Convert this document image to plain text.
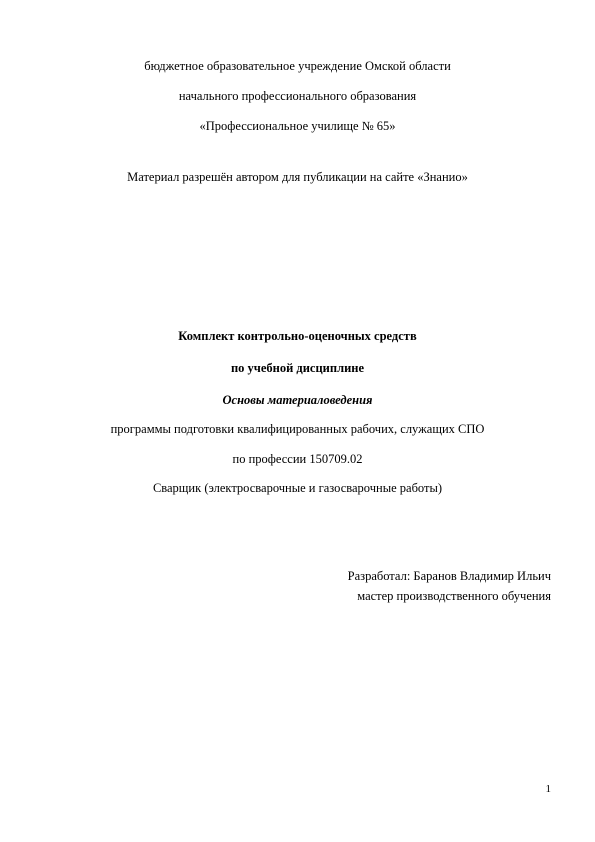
бюджетное образовательное учреждение Омской области
начального профессионального образования
«Профессиональное училище № 65»
Материал разрешён автором для публикации на сайте «Знанио»
Комплект контрольно-оценочных средств
по учебной дисциплине
Основы материаловедения
программы подготовки квалифицированных рабочих, служащих СПО
по профессии 150709.02
Сварщик (электросварочные и газосварочные работы)
Разработал: Баранов Владимир Ильич
мастер производственного обучения
1
